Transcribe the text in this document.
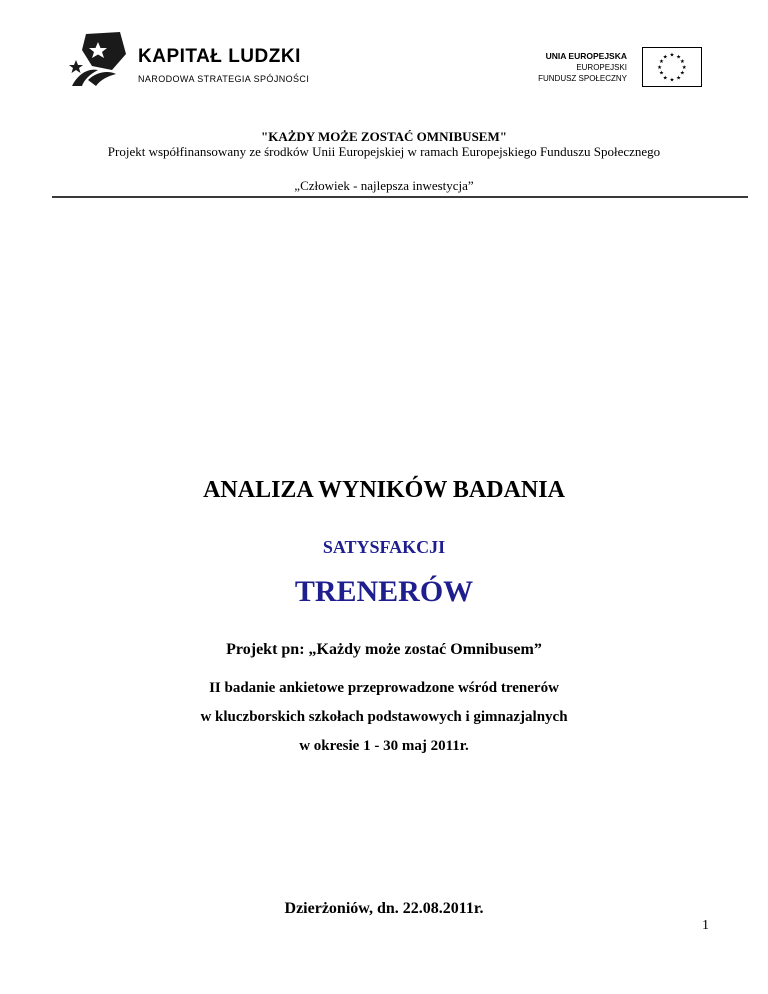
KAPITAŁ LUDZKI
NARODOWA STRATEGIA SPÓJNOŚCI
UNIA EUROPEJSKA
EUROPEJSKI
FUNDUSZ SPOŁECZNY
★ ★
★
★
★
★
★
★
★
★
★
★
"KAŻDY MOŻE ZOSTAĆ OMNIBUSEM"
Projekt współfinansowany ze środków Unii Europejskiej w ramach Europejskiego Funduszu Społecznego
„Człowiek - najlepsza inwestycja”
ANALIZA WYNIKÓW BADANIA
SATYSFAKCJI
TRENERÓW
Projekt pn: „Każdy może zostać Omnibusem”
II badanie ankietowe przeprowadzone wśród trenerów
w kluczborskich szkołach podstawowych i gimnazjalnych
w okresie 1 - 30 maj 2011r.
Dzierżoniów, dn. 22.08.2011r.
1
